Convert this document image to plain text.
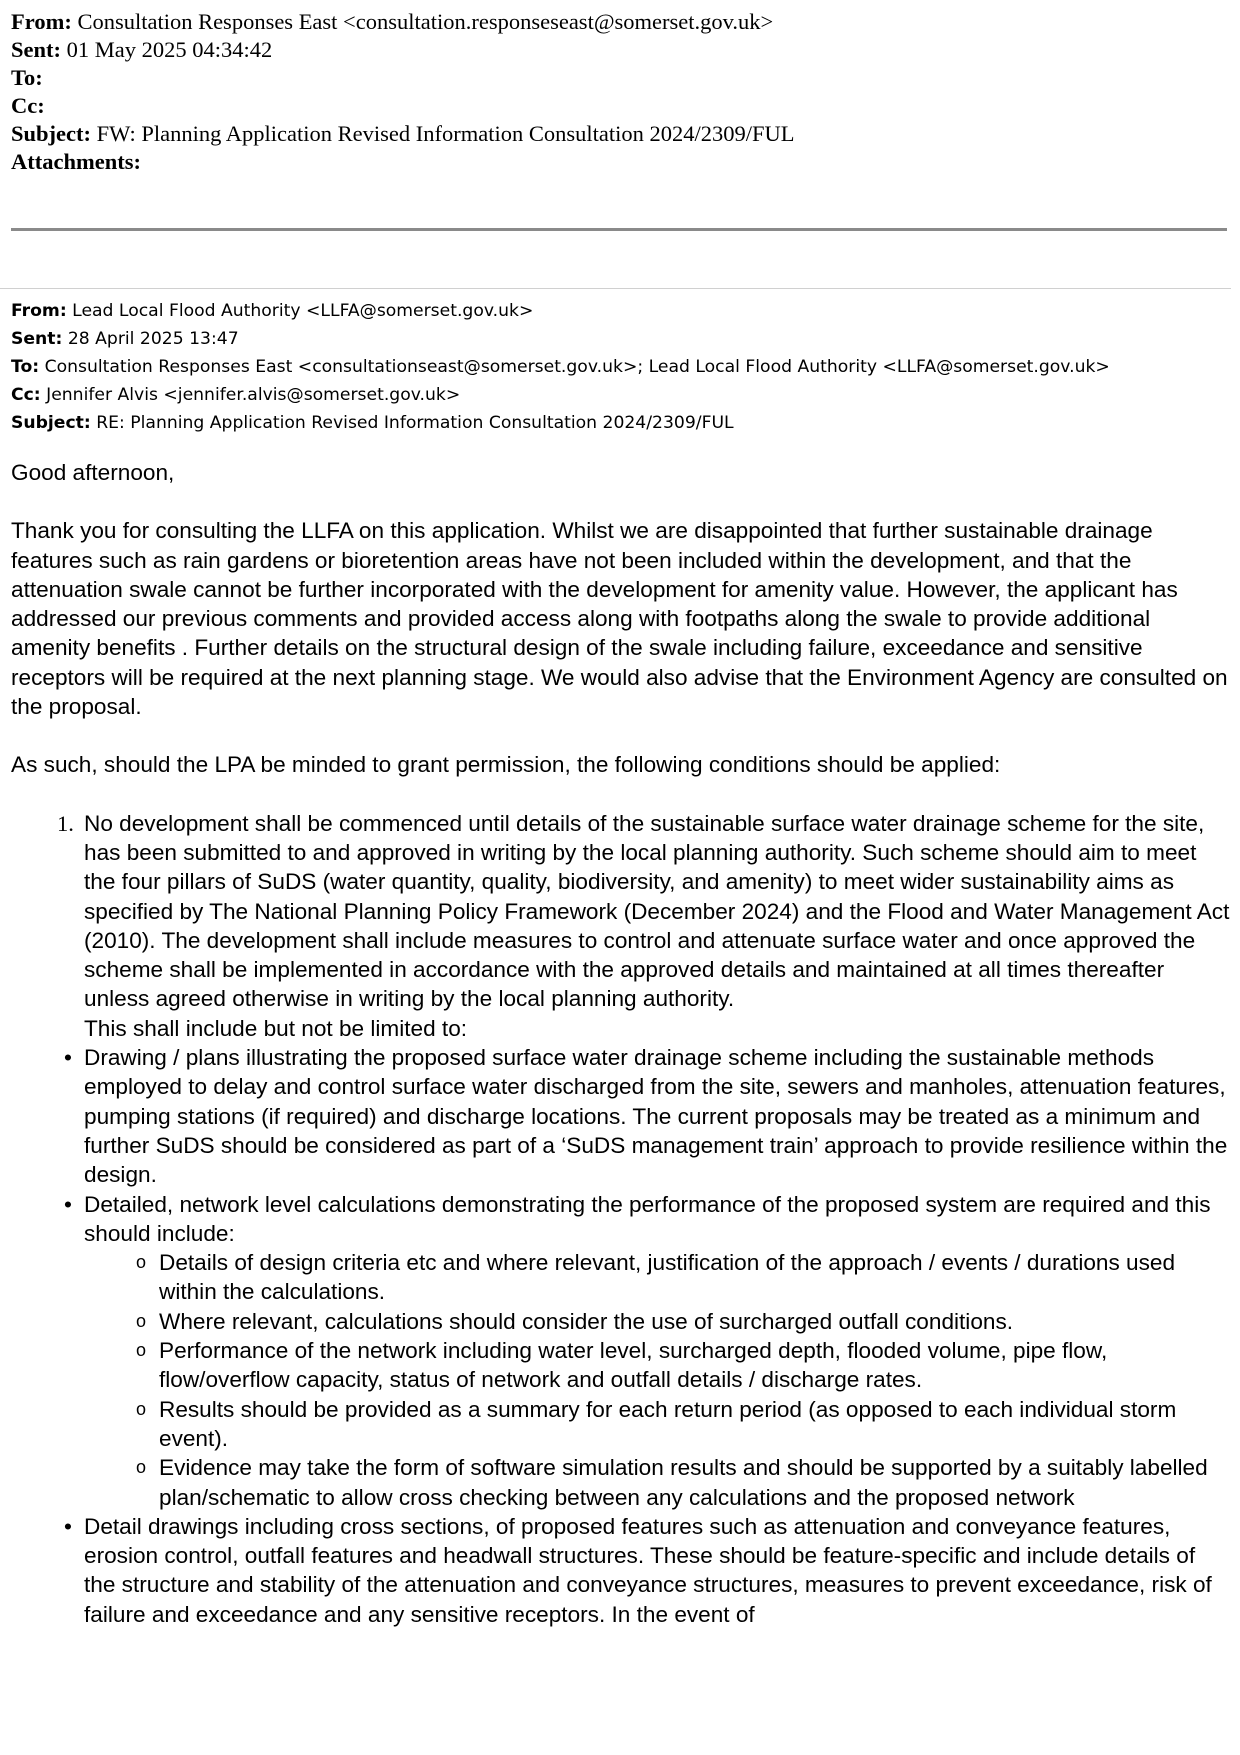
From: Consultation Responses East <consultation.responseseast@somerset.gov.uk>
Sent: 01 May 2025 04:34:42
To:
Cc:
Subject: FW: Planning Application Revised Information Consultation 2024/2309/FUL
Attachments:
From: Lead Local Flood Authority <LLFA@somerset.gov.uk>
Sent: 28 April 2025 13:47
To: Consultation Responses East <consultationseast@somerset.gov.uk>; Lead Local Flood Authority <LLFA@somerset.gov.uk>
Cc: Jennifer Alvis <jennifer.alvis@somerset.gov.uk>
Subject: RE: Planning Application Revised Information Consultation 2024/2309/FUL

Good afternoon,

Thank you for consulting the LLFA on this application. Whilst we are disappointed that further sustainable drainage features such as rain gardens or bioretention areas have not been included within the development, and that the attenuation swale cannot be further incorporated with the development for amenity value. However, the applicant has addressed our previous comments and provided access along with footpaths along the swale to provide additional amenity benefits . Further details on the structural design of the swale including failure, exceedance and sensitive receptors will be required at the next planning stage. We would also advise that the Environment Agency are consulted on the proposal.

As such, should the LPA be minded to grant permission, the following conditions should be applied:

1. No development shall be commenced until details of the sustainable surface water drainage scheme for the site, has been submitted to and approved in writing by the local planning authority. Such scheme should aim to meet the four pillars of SuDS (water quantity, quality, biodiversity, and amenity) to meet wider sustainability aims as specified by The National Planning Policy Framework (December 2024) and the Flood and Water Management Act (2010). The development shall include measures to control and attenuate surface water and once approved the scheme shall be implemented in accordance with the approved details and maintained at all times thereafter unless agreed otherwise in writing by the local planning authority.
This shall include but not be limited to:
• Drawing / plans illustrating the proposed surface water drainage scheme including the sustainable methods employed to delay and control surface water discharged from the site, sewers and manholes, attenuation features, pumping stations (if required) and discharge locations. The current proposals may be treated as a minimum and further SuDS should be considered as part of a ‘SuDS management train’ approach to provide resilience within the design.
• Detailed, network level calculations demonstrating the performance of the proposed system are required and this should include:
o Details of design criteria etc and where relevant, justification of the approach / events / durations used within the calculations.
o Where relevant, calculations should consider the use of surcharged outfall conditions.
o Performance of the network including water level, surcharged depth, flooded volume, pipe flow, flow/overflow capacity, status of network and outfall details / discharge rates.
o Results should be provided as a summary for each return period (as opposed to each individual storm event).
o Evidence may take the form of software simulation results and should be supported by a suitably labelled plan/schematic to allow cross checking between any calculations and the proposed network
• Detail drawings including cross sections, of proposed features such as attenuation and conveyance features, erosion control, outfall features and headwall structures. These should be feature-specific and include details of the structure and stability of the attenuation and conveyance structures, measures to prevent exceedance, risk of failure and exceedance and any sensitive receptors. In the event of
